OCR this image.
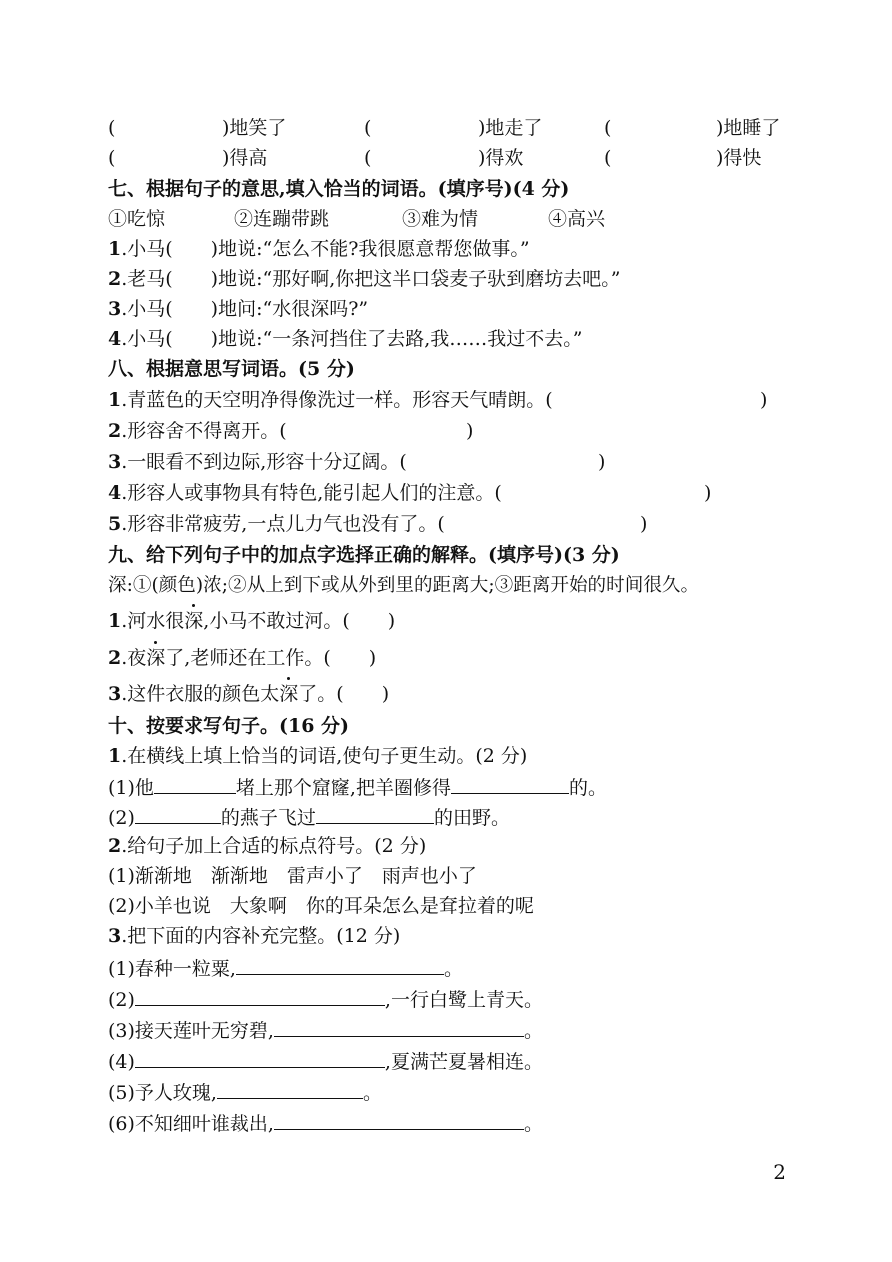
(	)地笑了	(	)地走了	(	)地睡了
(	)得高	(	)得欢	(	)得快
七、根据句子的意思,填入恰当的词语。(填序号)(4 分)
①吃惊	②连蹦带跳	③难为情	④高兴
1.小马(　　)地说:“怎么不能?我很愿意帮您做事。”
2.老马(　　)地说:“那好啊,你把这半口袋麦子驮到磨坊去吧。”
3.小马(　　)地问:“水很深吗?”
4.小马(　　)地说:“一条河挡住了去路,我……我过不去。”
八、根据意思写词语。(5 分)
1.青蓝色的天空明净得像洗过一样。形容天气晴朗。(	)
2.形容舍不得离开。(	)
3.一眼看不到边际,形容十分辽阔。(	)
4.形容人或事物具有特色,能引起人们的注意。(	)
5.形容非常疲劳,一点儿力气也没有了。(	)
九、给下列句子中的加点字选择正确的解释。(填序号)(3 分)
深:①(颜色)浓;②从上到下或从外到里的距离大;③距离开始的时间很久。
1.河水很深,小马不敢过河。(　　)
2.夜深了,老师还在工作。(　　)
3.这件衣服的颜色太深了。(　　)
十、按要求写句子。(16 分)
1.在横线上填上恰当的词语,使句子更生动。(2 分)
(1)他	堵上那个窟窿,把羊圈修得	的。
(2)	的燕子飞过	的田野。
2.给句子加上合适的标点符号。(2 分)
(1)渐渐地　渐渐地　雷声小了　雨声也小了
(2)小羊也说　大象啊　你的耳朵怎么是耷拉着的呢
3.把下面的内容补充完整。(12 分)
(1)春种一粒粟,	。
(2)	,一行白鹭上青天。
(3)接天莲叶无穷碧,	。
(4)	,夏满芒夏暑相连。
(5)予人玫瑰,	。
(6)不知细叶谁裁出,	。
2
